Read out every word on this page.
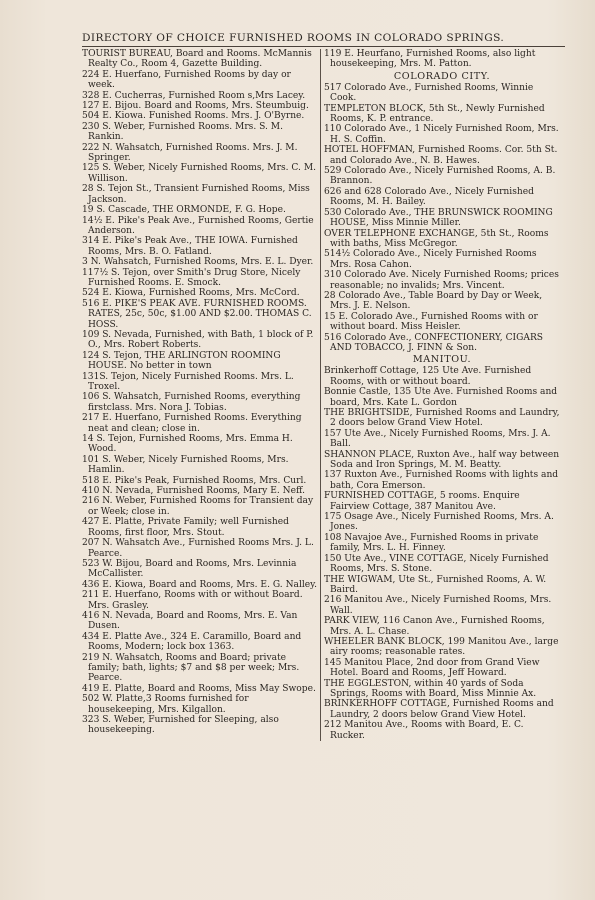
DIRECTORY OF CHOICE FURNISHED ROOMS IN COLORADO SPRINGS.

TOURIST BUREAU, Board and Rooms. McMannis Realty Co., Room 4, Gazette Building.

224 E. Huerfano, Furnished Rooms by day or week.

328 E. Cucherras, Furnished Room s,Mrs Lacey.

127 E. Bijou. Board and Rooms, Mrs. Steumbuig.

504 E. Kiowa. Funished Rooms. Mrs. J. O'Byrne.

230 S. Weber, Furnished Rooms. Mrs. S. M. Rankin.

222 N. Wahsatch, Furnished Rooms. Mrs. J. M. Springer.

125 S. Weber, Nicely Furnished Rooms, Mrs. C. M. Willison.

28 S. Tejon St., Transient Furnished Rooms, Miss Jackson.

19 S. Cascade, THE ORMONDE, F. G. Hope.

14½ E. Pike's Peak Ave., Furnished Rooms, Gertie Anderson.

314 E. Pike's Peak Ave., THE IOWA. Furnished Rooms, Mrs. B. O. Fatland.

3 N. Wahsatch, Furnished Rooms, Mrs. E. L. Dyer.

117½ S. Tejon, over Smith's Drug Store, Nicely Furnished Rooms. E. Smock.

524 E. Kiowa, Furnished Rooms, Mrs. McCord.

516 E. PIKE'S PEAK AVE. FURNISHED ROOMS. RATES, 25c, 50c, $1.00 AND $2.00. THOMAS C. HOSS.

109 S. Nevada, Furnished, with Bath, 1 block of P. O., Mrs. Robert Roberts.

124 S. Tejon, THE ARLINGTON ROOMING HOUSE. No better in town

131S. Tejon, Nicely Furnished Rooms. Mrs. L. Troxel.

106 S. Wahsatch, Furnished Rooms, everything firstclass. Mrs. Nora J. Tobias.

217 E. Huerfano, Furnished Rooms. Everything neat and clean; close in.

14 S. Tejon, Furnished Rooms, Mrs. Emma H. Wood.

101 S. Weber, Nicely Furnished Rooms, Mrs. Hamlin.

518 E. Pike's Peak, Furnished Rooms, Mrs. Curl.

410 N. Nevada, Furnished Rooms, Mary E. Neff.

216 N. Weber, Furnished Rooms for Transient day or Week; close in.

427 E. Platte, Private Family; well Furnished Rooms, first floor, Mrs. Stout.

207 N. Wahsatch Ave., Furnished Rooms Mrs. J. L. Pearce.

523 W. Bijou, Board and Rooms, Mrs. Levinnia McCallister.

436 E. Kiowa, Board and Rooms, Mrs. E. G. Nalley.

211 E. Huerfano, Rooms with or without Board. Mrs. Grasley.

416 N. Nevada, Board and Rooms, Mrs. E. Van Dusen.

434 E. Platte Ave., 324 E. Caramillo, Board and Rooms, Modern; lock box 1363.

219 N. Wahsatch, Rooms and Board; private family; bath, lights; $7 and $8 per week; Mrs. Pearce.

419 E. Platte, Board and Rooms, Miss May Swope.

502 W. Platte,3 Rooms furnished for housekeeping, Mrs. Kilgallon.

323 S. Weber, Furnished for Sleeping, also housekeeping.

119 E. Heurfano, Furnished Rooms, also light housekeeping, Mrs. M. Patton.

COLORADO CITY.

517 Colorado Ave., Furnished Rooms, Winnie Cook.

TEMPLETON BLOCK, 5th St., Newly Furnished Rooms, K. P. entrance.

110 Colorado Ave., 1 Nicely Furnished Room, Mrs. H. S. Coffin.

HOTEL HOFFMAN, Furnished Rooms. Cor. 5th St. and Colorado Ave., N. B. Hawes.

529 Colorado Ave., Nicely Furnished Rooms, A. B. Brannon.

626 and 628 Colorado Ave., Nicely Furnished Rooms, M. H. Bailey.

530 Colorado Ave., THE BRUNSWICK ROOMING HOUSE, Miss Minnie Miller.

OVER TELEPHONE EXCHANGE, 5th St., Rooms with baths, Miss McGregor.

514½ Colorado Ave., Nicely Furnished Rooms Mrs. Rosa Cahon.

310 Colorado Ave. Nicely Furnished Rooms; prices reasonable; no invalids; Mrs. Vincent.

28 Colorado Ave., Table Board by Day or Week, Mrs. J. E. Nelson.

15 E. Colorado Ave., Furnished Rooms with or without board. Miss Heisler.

516 Colorado Ave., CONFECTIONERY, CIGARS AND TOBACCO, J. FINN & Son.

MANITOU.

Brinkerhoff Cottage, 125 Ute Ave. Furnished Rooms, with or without board.

Bonnie Castle, 135 Ute Ave. Furnished Rooms and board, Mrs. Kate L. Gordon

THE BRIGHTSIDE, Furnished Rooms and Laundry, 2 doors below Grand View Hotel.

157 Ute Ave., Nicely Furnished Rooms, Mrs. J. A. Ball.

SHANNON PLACE, Ruxton Ave., half way between Soda and Iron Springs, M. M. Beatty.

137 Ruxton Ave., Furnished Rooms with lights and bath, Cora Emerson.

FURNISHED COTTAGE, 5 rooms. Enquire Fairview Cottage, 387 Manitou Ave.

175 Osage Ave., Nicely Furnished Rooms, Mrs. A. Jones.

108 Navajoe Ave., Furnished Rooms in private family, Mrs. L. H. Finney.

150 Ute Ave., VINE COTTAGE, Nicely Furnished Rooms, Mrs. S. Stone.

THE WIGWAM, Ute St., Furnished Rooms, A. W. Baird.

216 Manitou Ave., Nicely Furnished Rooms, Mrs. Wall.

PARK VIEW, 116 Canon Ave., Furnished Rooms, Mrs. A. L. Chase.

WHEELER BANK BLOCK, 199 Manitou Ave., large airy rooms; reasonable rates.

145 Manitou Place, 2nd door from Grand View Hotel. Board and Rooms, Jeff Howard.

THE EGGLESTON, within 40 yards of Soda Springs, Rooms with Board, Miss Minnie Ax.

BRINKERHOFF COTTAGE, Furnished Rooms and Laundry, 2 doors below Grand View Hotel.

212 Manitou Ave., Rooms with Board, E. C. Rucker.
